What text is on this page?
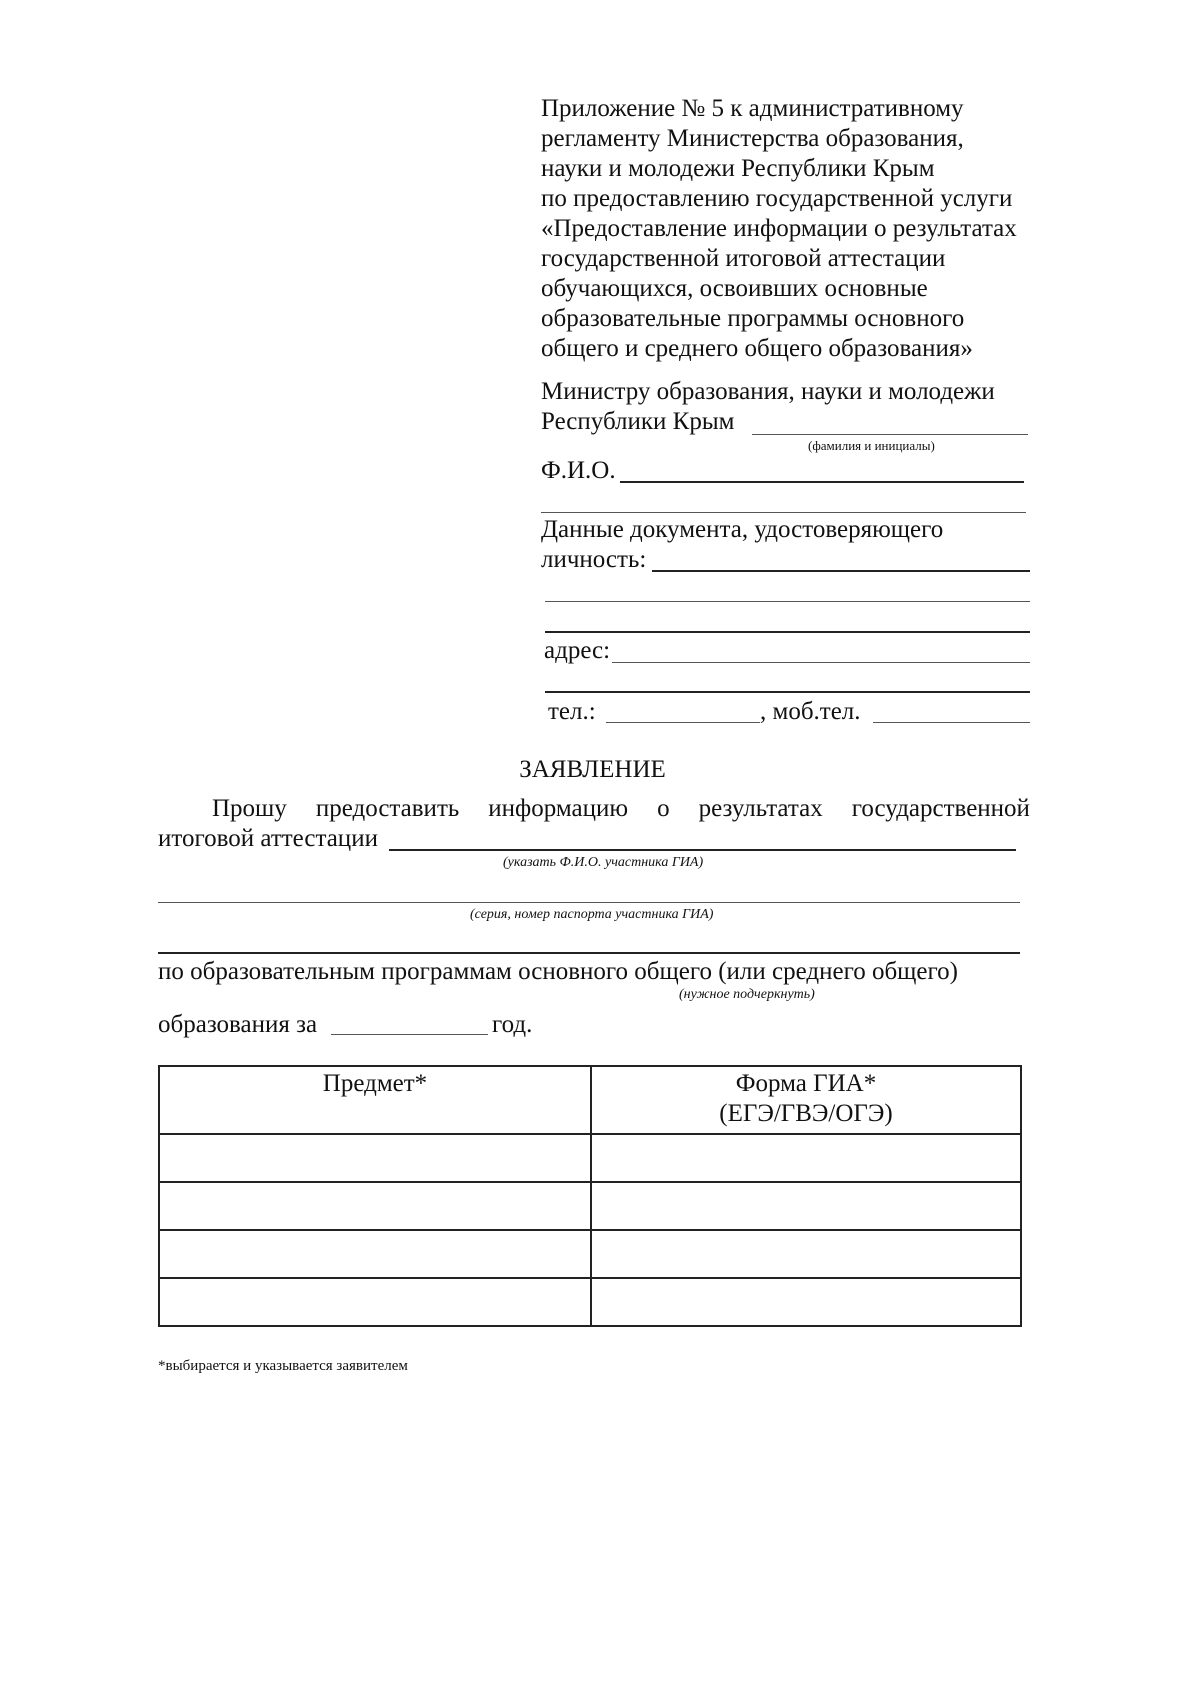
Приложение № 5 к административному
регламенту Министерства образования,
науки и молодежи Республики Крым
по предоставлению государственной услуги
«Предоставление информации о результатах
государственной итоговой аттестации
обучающихся, освоивших основные
образовательные программы основного
общего и среднего общего образования»
Министру образования, науки и молодежи
Республики Крым
(фамилия и инициалы)
Ф.И.О.
Данные документа, удостоверяющего
личность:
адрес:
тел.:	, моб.тел.
ЗАЯВЛЕНИЕ
Прошу предоставить информацию о результатах государственной
итоговой аттестации
(указать Ф.И.О. участника ГИА)
(серия, номер паспорта участника ГИА)
по образовательным программам основного общего (или среднего общего)
(нужное подчеркнуть)
образования за	год.
Предмет*	Форма ГИА*
(ЕГЭ/ГВЭ/ОГЭ)

*выбирается и указывается заявителем
